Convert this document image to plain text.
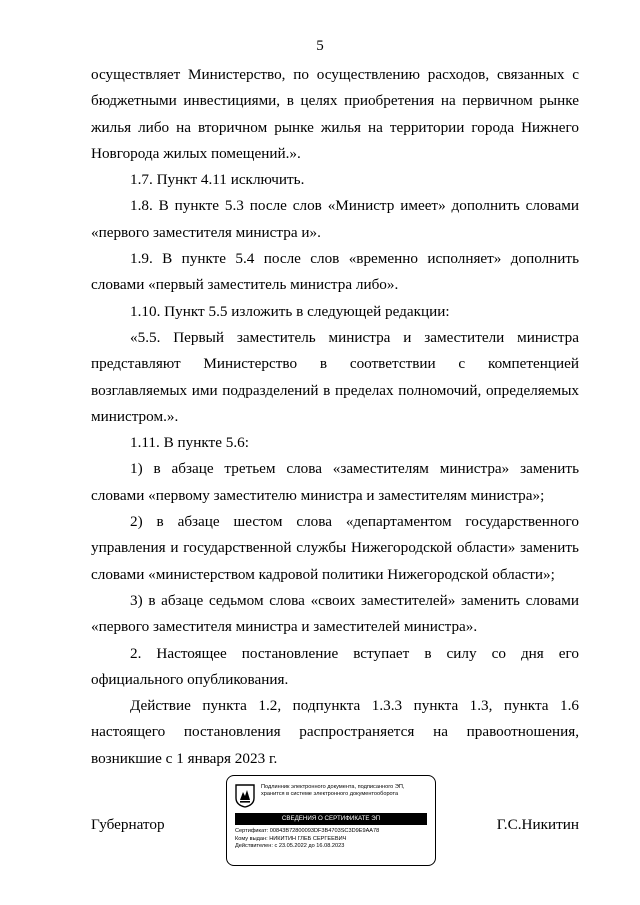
5

осуществляет Министерство, по осуществлению расходов, связанных с бюджетными инвестициями, в целях приобретения на первичном рынке жилья либо на вторичном рынке жилья на территории города Нижнего Новгорода жилых помещений.».

1.7. Пункт 4.11 исключить.

1.8. В пункте 5.3 после слов «Министр имеет» дополнить словами «первого заместителя министра и».

1.9. В пункте 5.4 после слов «временно исполняет» дополнить словами «первый заместитель министра либо».

1.10. Пункт 5.5 изложить в следующей редакции:

«5.5. Первый заместитель министра и заместители министра представляют Министерство в соответствии с компетенцией возглавляемых ими подразделений в пределах полномочий, определяемых министром.».

1.11. В пункте 5.6:

1) в абзаце третьем слова «заместителям министра» заменить словами «первому заместителю министра и заместителям министра»;

2) в абзаце шестом слова «департаментом государственного управления и государственной службы Нижегородской области» заменить словами «министерством кадровой политики Нижегородской области»;

3) в абзаце седьмом слова «своих заместителей» заменить словами «первого заместителя министра и заместителей министра».

2. Настоящее постановление вступает в силу со дня его официального опубликования.

Действие пункта 1.2, подпункта 1.3.3 пункта 1.3, пункта 1.6 настоящего постановления распространяется на правоотношения, возникшие с 1 января 2023 г.

Губернатор
Подлинник электронного документа, подписанного ЭП,
хранится в системе электронного документооборота
СВЕДЕНИЯ О СЕРТИФИКАТЕ ЭП
Сертификат: 00843B72800093DF3B4703SC3D9E9AA78
Кому выдан: НИКИТИН ГЛЕБ СЕРГЕЕВИЧ
Действителен: с 23.05.2022 до 16.08.2023
Г.С.Никитин
